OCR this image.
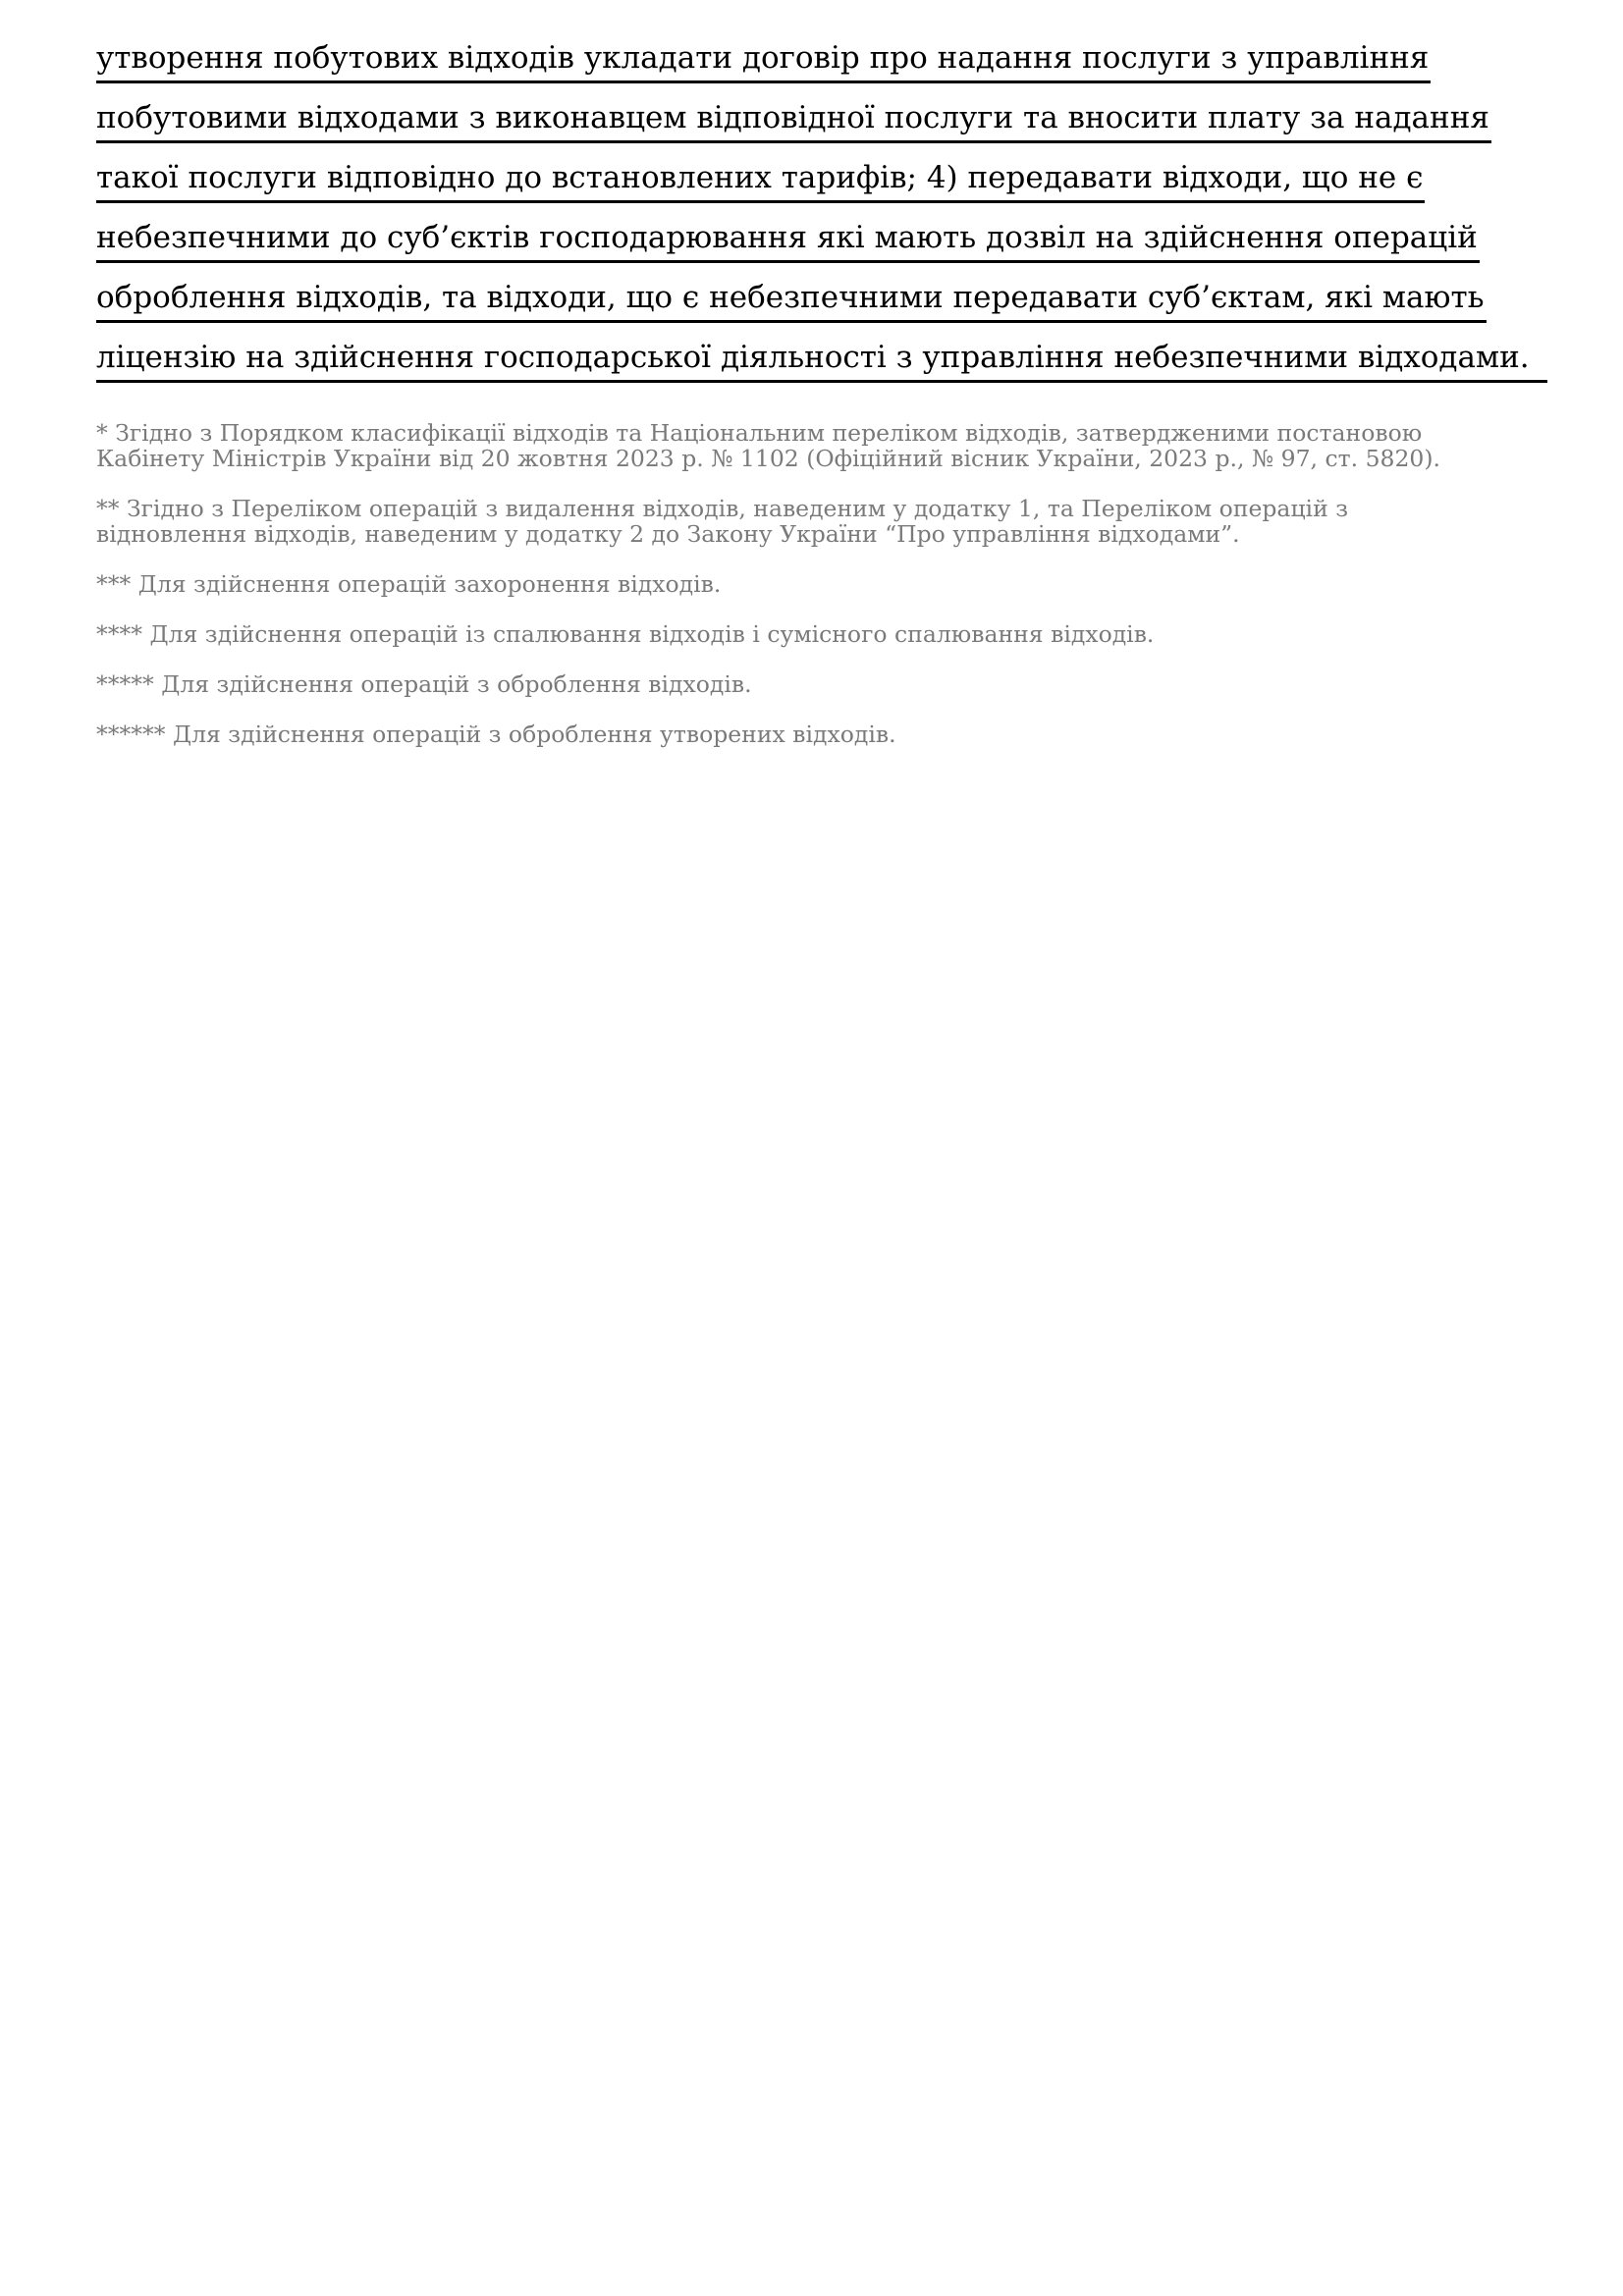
утворення побутових відходів укладати договір про надання послуги з управління
побутовими відходами з виконавцем відповідної послуги та вносити плату за надання
такої послуги відповідно до встановлених тарифів; 4) передавати відходи, що не є
небезпечними до суб’єктів господарювання які мають дозвіл на здійснення операцій
оброблення відходів, та відходи, що є небезпечними передавати суб’єктам, які мають
ліцензію на здійснення господарської діяльності з управління небезпечними відходами.
* Згідно з Порядком класифікації відходів та Національним переліком відходів, затвердженими постановою
Кабінету Міністрів України від 20 жовтня 2023 р. № 1102 (Офіційний вісник України, 2023 р., № 97, ст. 5820).
** Згідно з Переліком операцій з видалення відходів, наведеним у додатку 1, та Переліком операцій з
відновлення відходів, наведеним у додатку 2 до Закону України “Про управління відходами”.
*** Для здійснення операцій захоронення відходів.
**** Для здійснення операцій із спалювання відходів і сумісного спалювання відходів.
***** Для здійснення операцій з оброблення відходів.
****** Для здійснення операцій з оброблення утворених відходів.
